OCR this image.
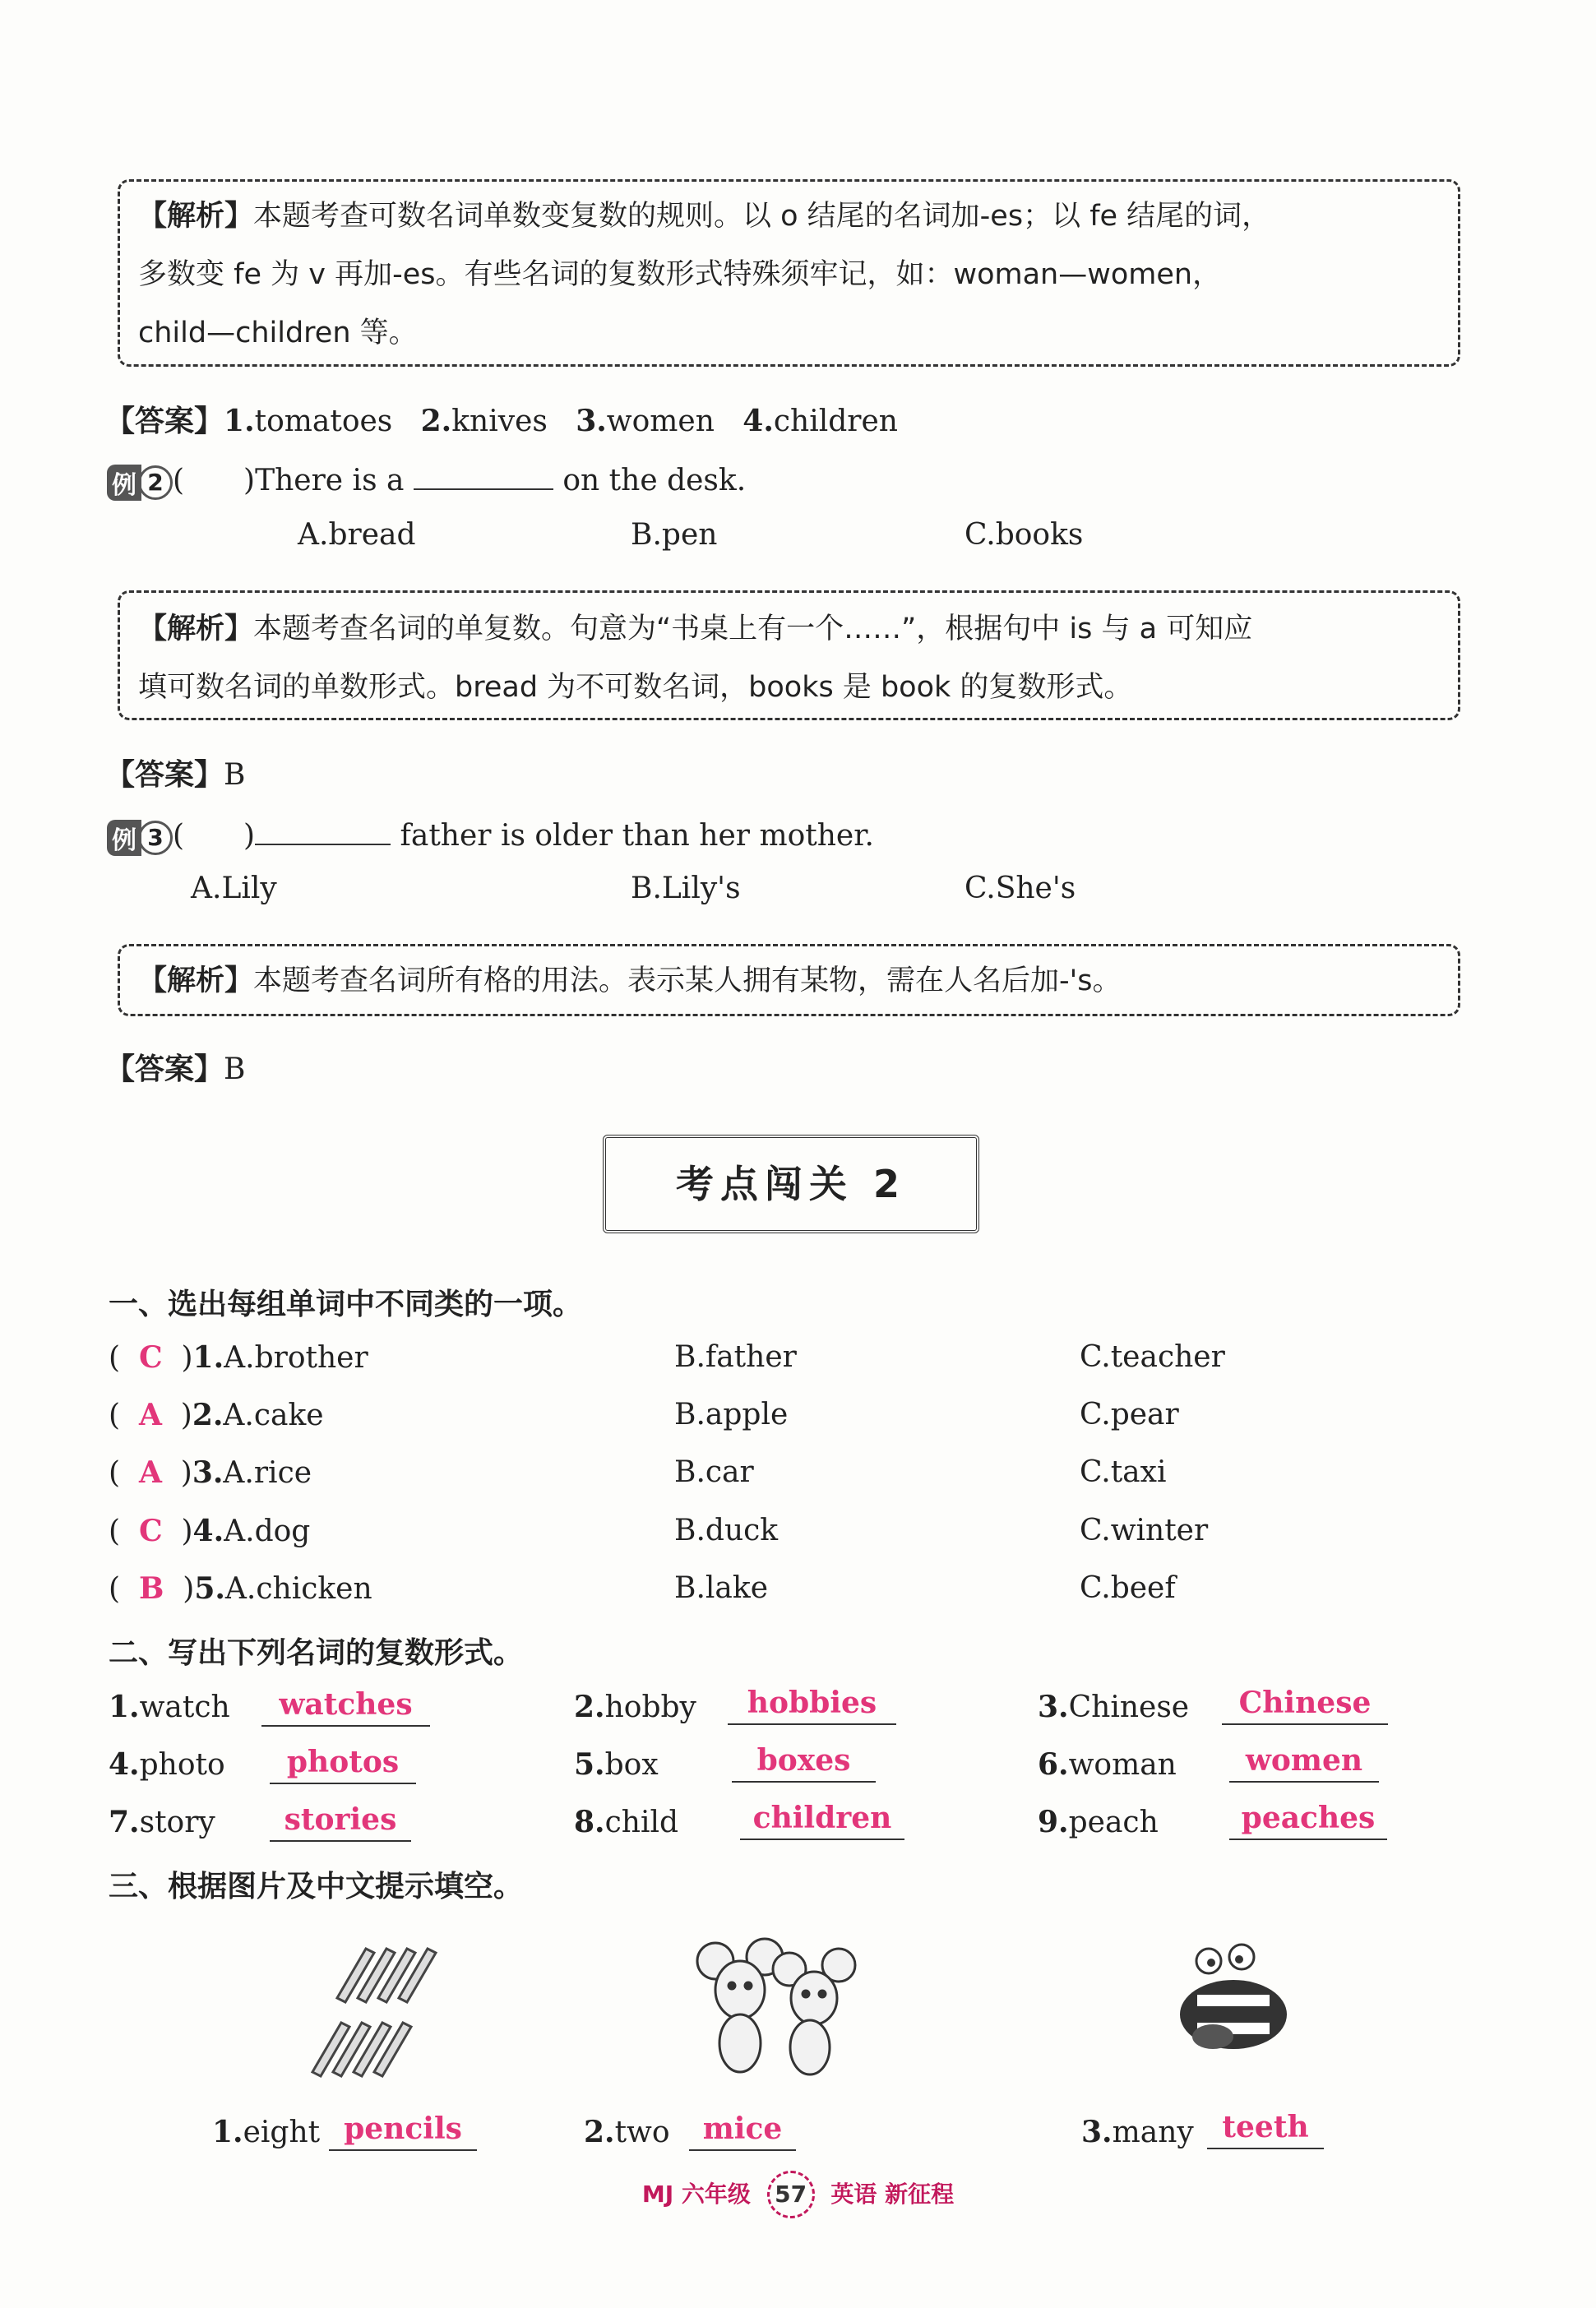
【解析】本题考查可数名词单数变复数的规则。以 o 结尾的名词加-es；以 fe 结尾的词，
多数变 fe 为 v 再加-es。有些名词的复数形式特殊须牢记，如：woman—women，
child—children 等。
【答案】1.tomatoes 2.knives 3.women 4.children
例 2 (　　)There is a	on the desk.
A.bread	B.pen	C.books
【解析】本题考查名词的单复数。句意为“书桌上有一个……”，根据句中 is 与 a 可知应
填可数名词的单数形式。bread 为不可数名词，books 是 book 的复数形式。
【答案】B
例 3 (　　)	father is older than her mother.
A.Lily	B.Lily's	C.She's
【解析】本题考查名词所有格的用法。表示某人拥有某物，需在人名后加-'s。
【答案】B
考点闯关 2
一、选出每组单词中不同类的一项。
(  C  )1.A.brother	B.father	C.teacher
(  A  )2.A.cake	B.apple	C.pear
(  A  )3.A.rice	B.car	C.taxi
(  C  )4.A.dog	B.duck	C.winter
(  B  )5.A.chicken	B.lake	C.beef
二、写出下列名词的复数形式。
1.watch	watches	2.hobby	hobbies	3.Chinese	Chinese
4.photo	photos	5.box	boxes	6.woman	women
7.story	stories	8.child	children	9.peach	peaches
三、根据图片及中文提示填空。
1.eight pencils	2.two	mice	3.many teeth
MJ 六年级 57 英语 新征程
